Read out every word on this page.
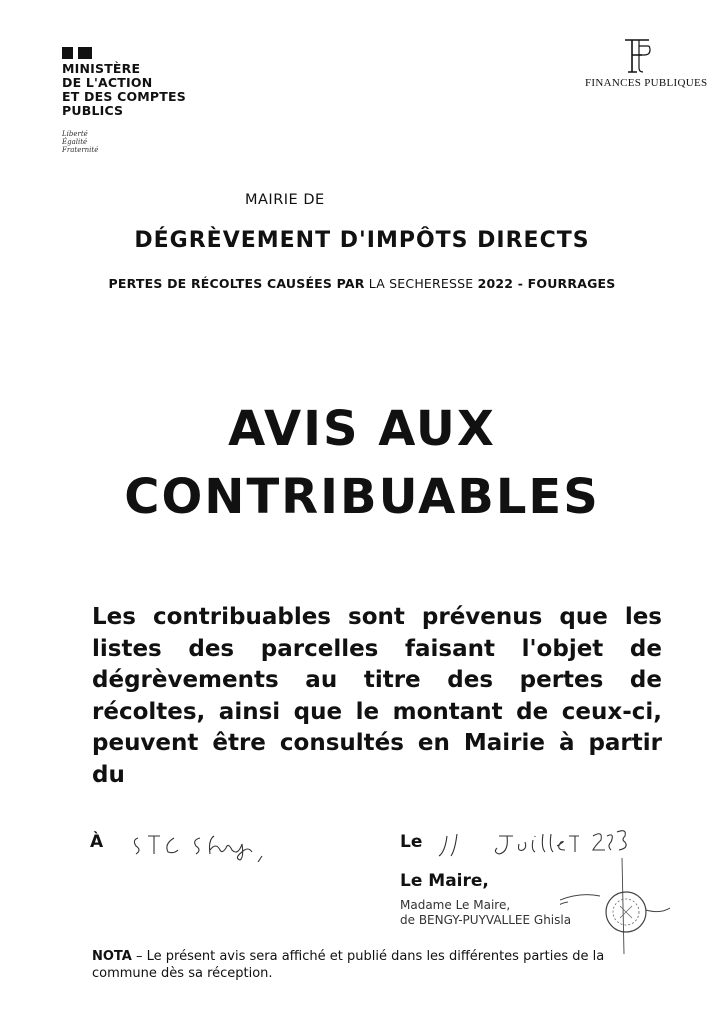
MINISTÈRE
DE L'ACTION
ET DES COMPTES
PUBLICS
Liberté
Égalité
Fraternité
FINANCES PUBLIQUES
MAIRIE DE
DÉGRÈVEMENT D'IMPÔTS DIRECTS
PERTES DE RÉCOLTES CAUSÉES PAR LA SECHERESSE 2022 - FOURRAGES
AVIS AUX
CONTRIBUABLES
Les contribuables sont prévenus que les listes des parcelles faisant l'objet de dégrèvements au titre des pertes de récoltes, ainsi que le montant de ceux-ci, peuvent être consultés en Mairie à partir du
À	Le
Le Maire,
Madame Le Maire,
de BENGY-PUYVALLEE Ghisla
NOTA – Le présent avis sera affiché et publié dans les différentes parties de la commune dès sa réception.
